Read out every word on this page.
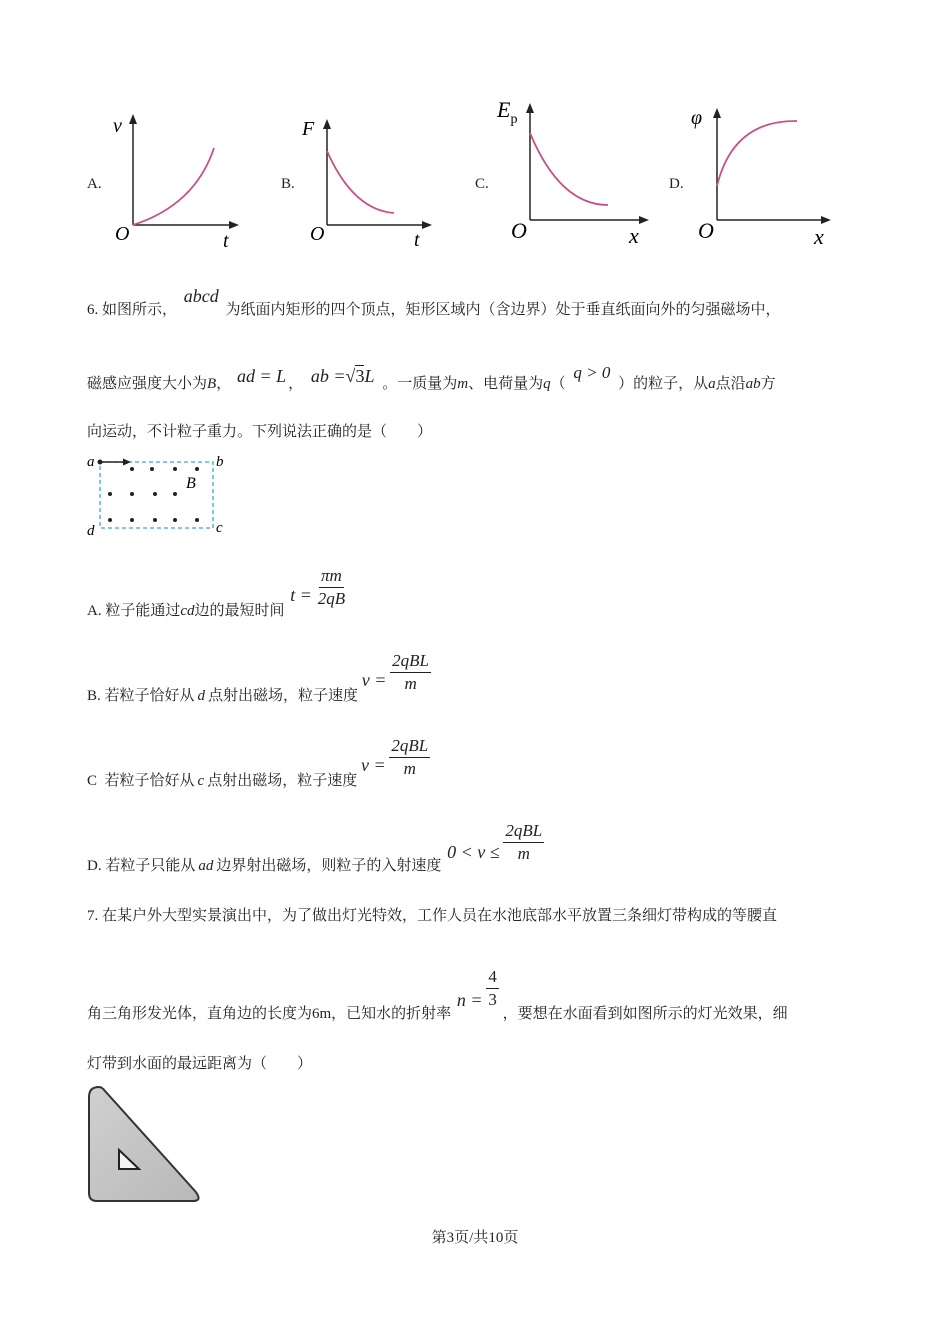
A.
v
O	t
B.
F
O	t
C.
$E_p$
O	x
D.
φ
O	x
6. 如图所示， abcd 为纸面内矩形的四个顶点，矩形区域内（含边界）处于垂直纸面向外的匀强磁场中，
磁感应强度大小为B， ad = L ， ab =√3L 。一质量为m、电荷量为q（ q > 0 ）的粒子，从a点沿ab方
向运动，不计粒子重力。下列说法正确的是（　　）
a	b
c
d
B
A. 粒子能通过cd边的最短时间 $t = \frac{\pi m}{2qB}$
B. 若粒子恰好从 d 点射出磁场，粒子速度 $v = \frac{\text{2qBL}}{m}$
C  若粒子恰好从 c 点射出磁场，粒子速度 $v = \frac{\text{2qBL}}{m}$
D. 若粒子只能从 ad 边界射出磁场，则粒子的入射速度 $0 < v \le \frac{\text{2qBL}}{m}$
7. 在某户外大型实景演出中，为了做出灯光特效，工作人员在水池底部水平放置三条细灯带构成的等腰直
角三角形发光体，直角边的长度为6m，已知水的折射率 $n = \frac{4}{3}$
，要想在水面看到如图所示的灯光效果，细
灯带到水面的最远距离为（　　）
第3页/共10页
